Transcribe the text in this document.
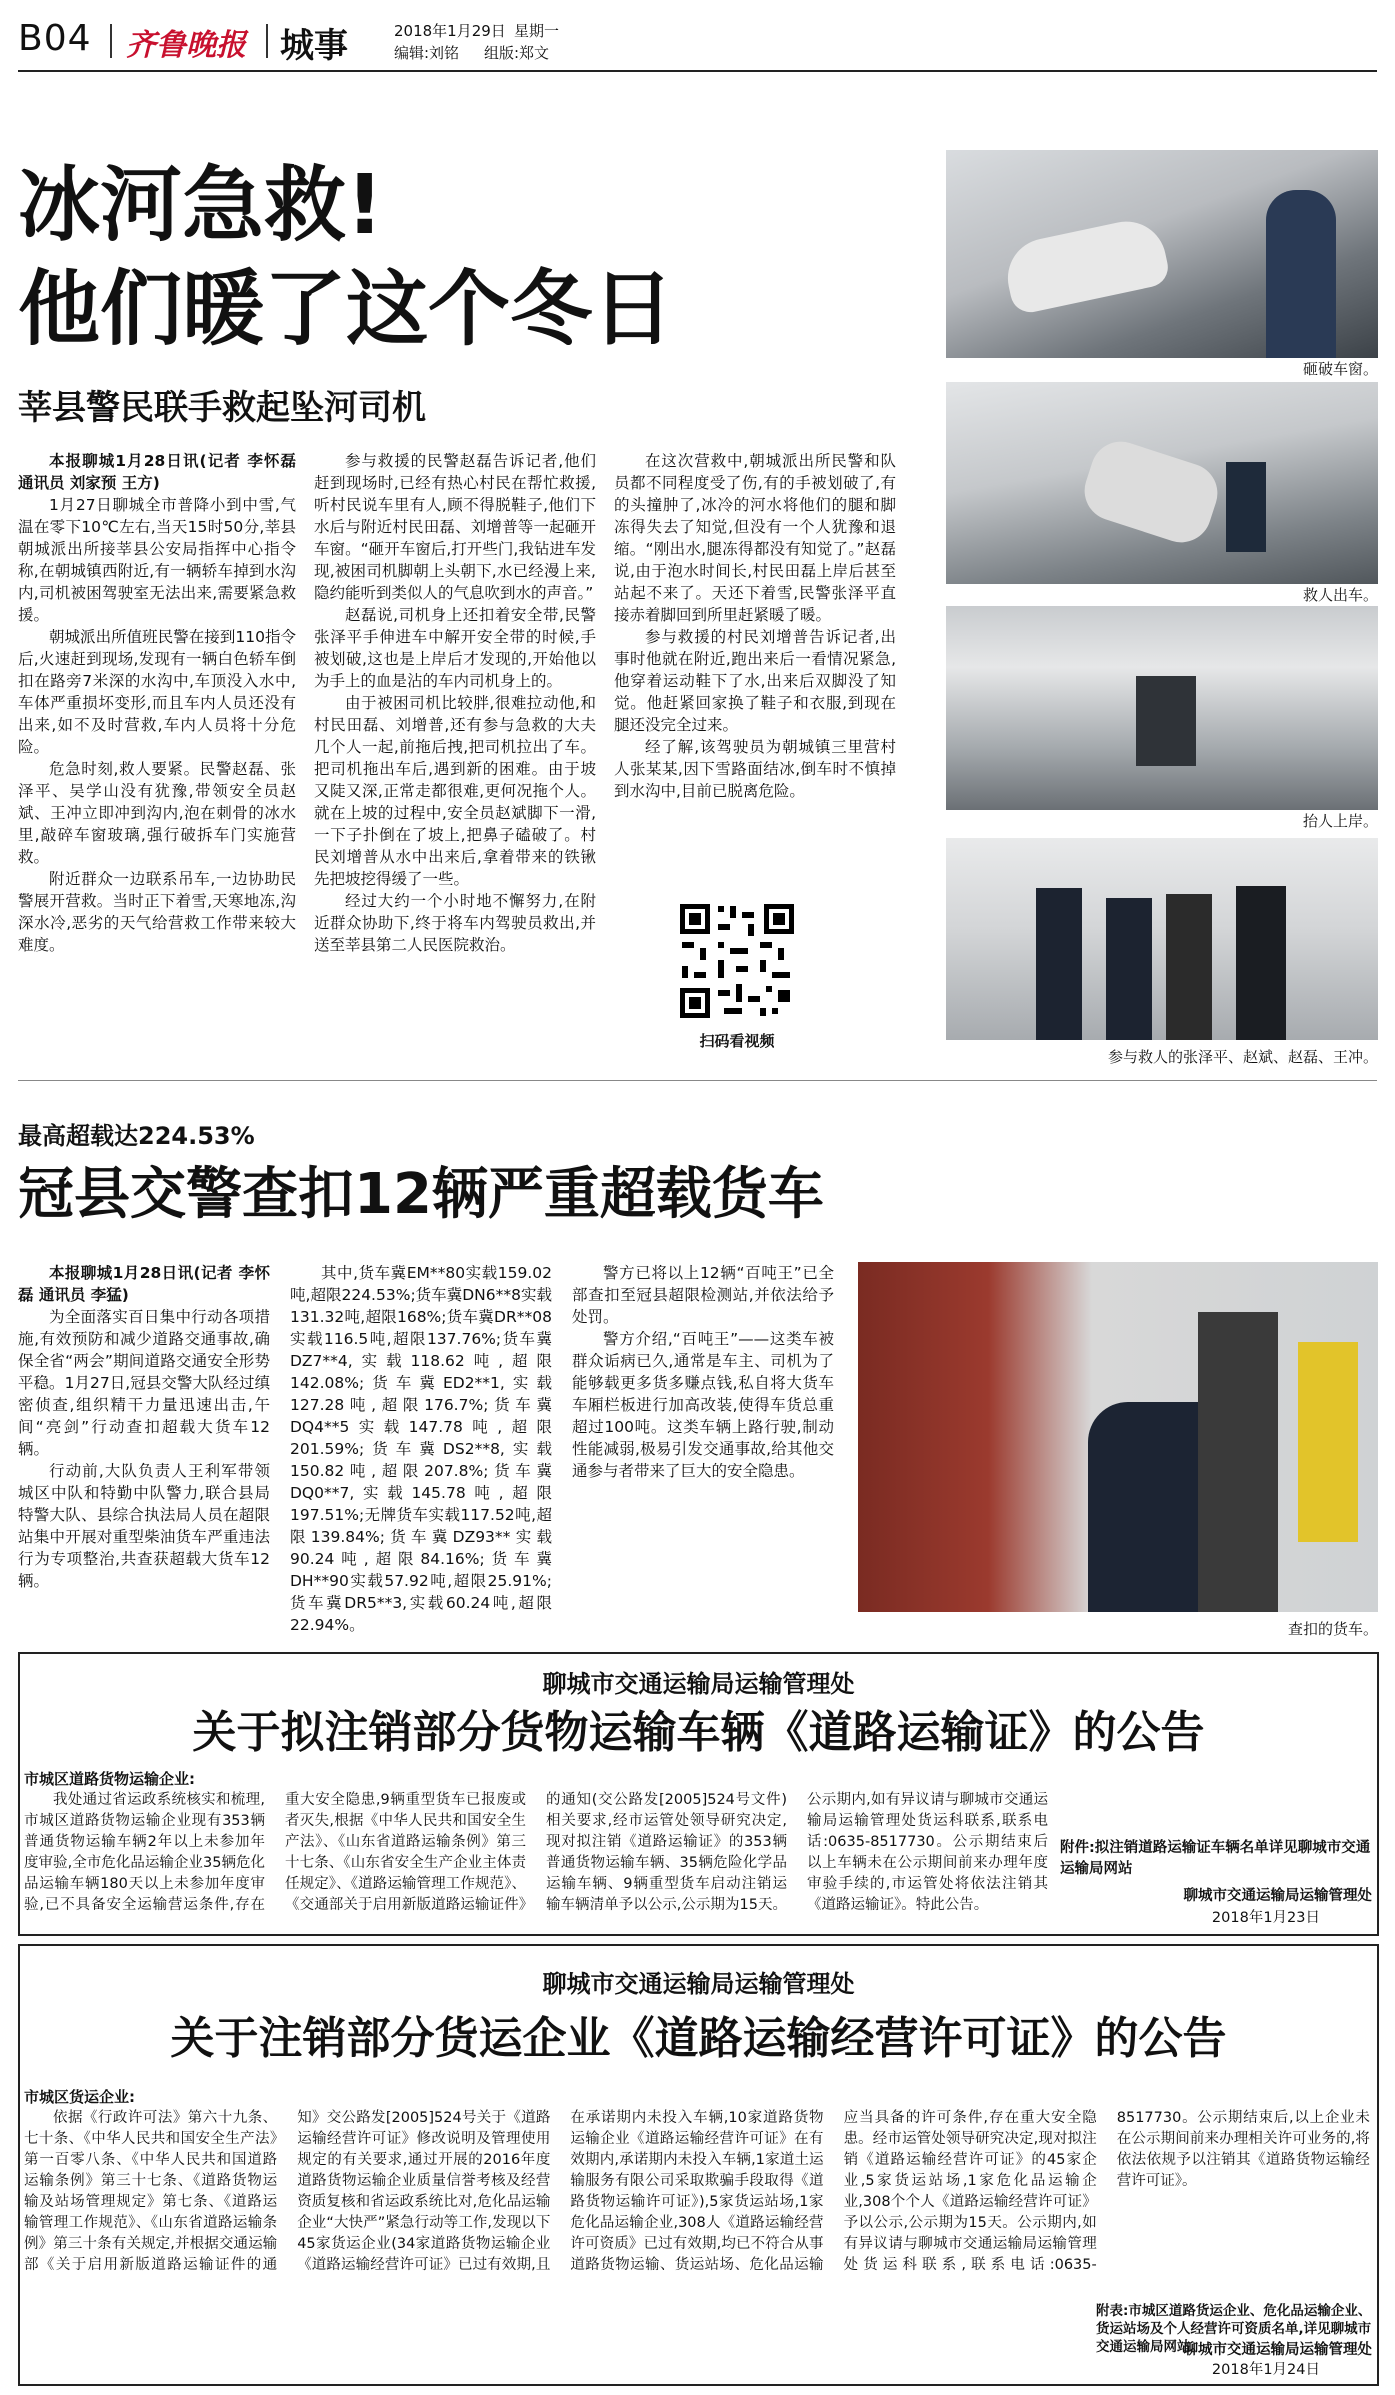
B04 齐鲁晚报 城事	2018年1月29日 星期一
编辑:刘铭 组版:郑文
冰河急救!
他们暖了这个冬日
莘县警民联手救起坠河司机

本报聊城1月28日讯(记者 李怀磊 通讯员 刘家预 王方)

1月27日聊城全市普降小到中雪,气温在零下10℃左右,当天15时50分,莘县朝城派出所接莘县公安局指挥中心指令称,在朝城镇西附近,有一辆轿车掉到水沟内,司机被困驾驶室无法出来,需要紧急救援。

朝城派出所值班民警在接到110指令后,火速赶到现场,发现有一辆白色轿车倒扣在路旁7米深的水沟中,车顶没入水中,车体严重损坏变形,而且车内人员还没有出来,如不及时营救,车内人员将十分危险。

危急时刻,救人要紧。民警赵磊、张泽平、吴学山没有犹豫,带领安全员赵斌、王冲立即冲到沟内,泡在刺骨的冰水里,敲碎车窗玻璃,强行破拆车门实施营救。

附近群众一边联系吊车,一边协助民警展开营救。当时正下着雪,天寒地冻,沟深水冷,恶劣的天气给营救工作带来较大难度。

参与救援的民警赵磊告诉记者,他们赶到现场时,已经有热心村民在帮忙救援,听村民说车里有人,顾不得脱鞋子,他们下水后与附近村民田磊、刘增普等一起砸开车窗。“砸开车窗后,打开些门,我钻进车发现,被困司机脚朝上头朝下,水已经漫上来,隐约能听到类似人的气息吹到水的声音。”

赵磊说,司机身上还扣着安全带,民警张泽平手伸进车中解开安全带的时候,手被划破,这也是上岸后才发现的,开始他以为手上的血是沾的车内司机身上的。

由于被困司机比较胖,很难拉动他,和村民田磊、刘增普,还有参与急救的大夫几个人一起,前拖后拽,把司机拉出了车。把司机拖出车后,遇到新的困难。由于坡又陡又深,正常走都很难,更何况拖个人。就在上坡的过程中,安全员赵斌脚下一滑,一下子扑倒在了坡上,把鼻子磕破了。村民刘增普从水中出来后,拿着带来的铁锹先把坡挖得缓了一些。

经过大约一个小时地不懈努力,在附近群众协助下,终于将车内驾驶员救出,并送至莘县第二人民医院救治。

在这次营救中,朝城派出所民警和队员都不同程度受了伤,有的手被划破了,有的头撞肿了,冰冷的河水将他们的腿和脚冻得失去了知觉,但没有一个人犹豫和退缩。“刚出水,腿冻得都没有知觉了。”赵磊说,由于泡水时间长,村民田磊上岸后甚至站起不来了。天还下着雪,民警张泽平直接赤着脚回到所里赶紧暖了暖。

参与救援的村民刘增普告诉记者,出事时他就在附近,跑出来后一看情况紧急,他穿着运动鞋下了水,出来后双脚没了知觉。他赶紧回家换了鞋子和衣服,到现在腿还没完全过来。

经了解,该驾驶员为朝城镇三里营村人张某某,因下雪路面结冰,倒车时不慎掉到水沟中,目前已脱离危险。

扫码看视频
砸破车窗。
救人出车。
抬人上岸。
参与救人的张泽平、赵斌、赵磊、王冲。
最高超载达224.53%
冠县交警查扣12辆严重超载货车

本报聊城1月28日讯(记者 李怀磊 通讯员 李猛)

为全面落实百日集中行动各项措施,有效预防和减少道路交通事故,确保全省“两会”期间道路交通安全形势平稳。1月27日,冠县交警大队经过缜密侦查,组织精干力量迅速出击,午间“亮剑”行动查扣超载大货车12辆。

行动前,大队负责人王利军带领城区中队和特勤中队警力,联合县局特警大队、县综合执法局人员在超限站集中开展对重型柴油货车严重违法行为专项整治,共查获超载大货车12辆。

其中,货车冀EM**80实载159.02吨,超限224.53%;货车冀DN6**8实载131.32吨,超限168%;货车冀DR**08实载116.5吨,超限137.76%;货车冀DZ7**4,实载118.62吨,超限142.08%;货车冀ED2**1,实载127.28吨,超限176.7%;货车冀DQ4**5实载147.78吨,超限201.59%;货车冀DS2**8,实载150.82吨,超限207.8%;货车冀DQ0**7,实载145.78吨,超限197.51%;无牌货车实载117.52吨,超限139.84%;货车冀DZ93**实载90.24吨,超限84.16%;货车冀DH**90实载57.92吨,超限25.91%;货车冀DR5**3,实载60.24吨,超限22.94%。

警方已将以上12辆“百吨王”已全部查扣至冠县超限检测站,并依法给予处罚。

警方介绍,“百吨王”——这类车被群众诟病已久,通常是车主、司机为了能够载更多货多赚点钱,私自将大货车车厢栏板进行加高改装,使得车货总重超过100吨。这类车辆上路行驶,制动性能减弱,极易引发交通事故,给其他交通参与者带来了巨大的安全隐患。

查扣的货车。
聊城市交通运输局运输管理处
关于拟注销部分货物运输车辆《道路运输证》的公告
市城区道路货物运输企业:

我处通过省运政系统核实和梳理,市城区道路货物运输企业现有353辆普通货物运输车辆2年以上未参加年度审验,全市危化品运输企业35辆危化品运输车辆180天以上未参加年度审验,已不具备安全运输营运条件,存在重大安全隐患,9辆重型货车已报废或者灭失,根据《中华人民共和国安全生产法》、《山东省道路运输条例》第三十七条、《山东省安全生产企业主体责任规定》、《道路运输管理工作规范》、《交通部关于启用新版道路运输证件》的通知(交公路发[2005]524号文件)相关要求,经市运管处领导研究决定,现对拟注销《道路运输证》的353辆普通货物运输车辆、35辆危险化学品运输车辆、9辆重型货车启动注销运输车辆清单予以公示,公示期为15天。公示期内,如有异议请与聊城市交通运输局运输管理处货运科联系,联系电话:0635-8517730。公示期结束后以上车辆未在公示期间前来办理年度审验手续的,市运管处将依法注销其《道路运输证》。特此公告。

附件:拟注销道路运输证车辆名单详见聊城市交通运输局网站
聊城市交通运输局运输管理处
2018年1月23日
聊城市交通运输局运输管理处
关于注销部分货运企业《道路运输经营许可证》的公告
市城区货运企业:

依据《行政许可法》第六十九条、七十条、《中华人民共和国安全生产法》第一百零八条、《中华人民共和国道路运输条例》第三十七条、《道路货物运输及站场管理规定》第七条、《道路运输管理工作规范》、《山东省道路运输条例》第三十条有关规定,并根据交通运输部《关于启用新版道路运输证件的通知》交公路发[2005]524号关于《道路运输经营许可证》修改说明及管理使用规定的有关要求,通过开展的2016年度道路货物运输企业质量信誉考核及经营资质复核和省运政系统比对,危化品运输企业“大快严”紧急行动等工作,发现以下45家货运企业(34家道路货物运输企业《道路运输经营许可证》已过有效期,且在承诺期内未投入车辆,10家道路货物运输企业《道路运输经营许可证》在有效期内,承诺期内未投入车辆,1家道土运输服务有限公司采取欺骗手段取得《道路货物运输许可证》),5家货运站场,1家危化品运输企业,308人《道路运输经营许可资质》已过有效期,均已不符合从事道路货物运输、货运站场、危化品运输应当具备的许可条件,存在重大安全隐患。经市运管处领导研究决定,现对拟注销《道路运输经营许可证》的45家企业,5家货运站场,1家危化品运输企业,308个个人《道路运输经营许可证》予以公示,公示期为15天。公示期内,如有异议请与聊城市交通运输局运输管理处货运科联系,联系电话:0635-8517730。公示期结束后,以上企业未在公示期间前来办理相关许可业务的,将依法依规予以注销其《道路货物运输经营许可证》。

附表:市城区道路货运企业、危化品运输企业、货运站场及个人经营许可资质名单,详见聊城市交通运输局网站。
聊城市交通运输局运输管理处
2018年1月24日
